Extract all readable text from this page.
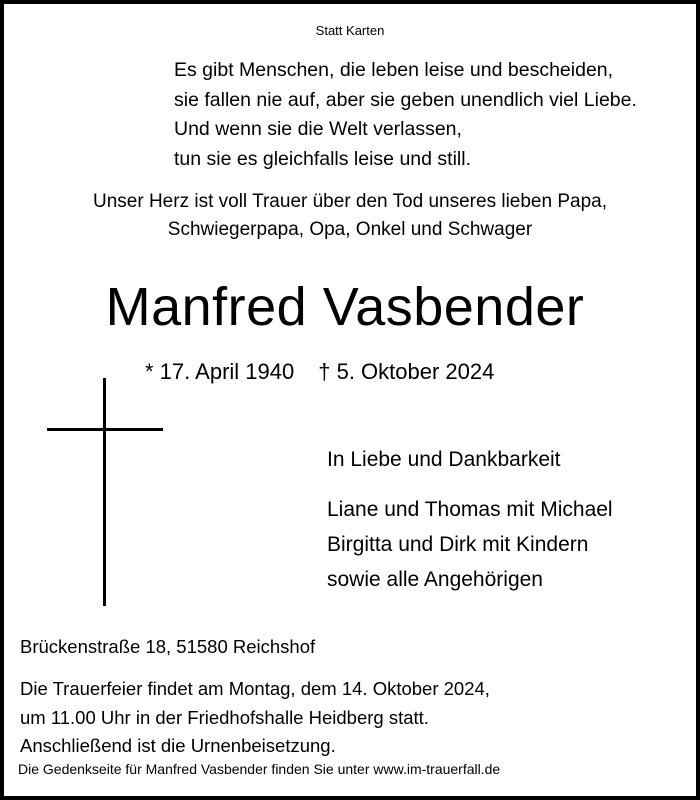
Statt Karten
Es gibt Menschen, die leben leise und bescheiden,
sie fallen nie auf, aber sie geben unendlich viel Liebe.
Und wenn sie die Welt verlassen,
tun sie es gleichfalls leise und still.
Unser Herz ist voll Trauer über den Tod unseres lieben Papa,
Schwiegerpapa, Opa, Onkel und Schwager
Manfred Vasbender
* 17. April 1940 † 5. Oktober 2024
In Liebe und Dankbarkeit
Liane und Thomas mit Michael
Birgitta und Dirk mit Kindern
sowie alle Angehörigen
Brückenstraße 18, 51580 Reichshof
Die Trauerfeier findet am Montag, dem 14. Oktober 2024,
um 11.00 Uhr in der Friedhofshalle Heidberg statt.
Anschließend ist die Urnenbeisetzung.
Die Gedenkseite für Manfred Vasbender finden Sie unter www.im-trauerfall.de
